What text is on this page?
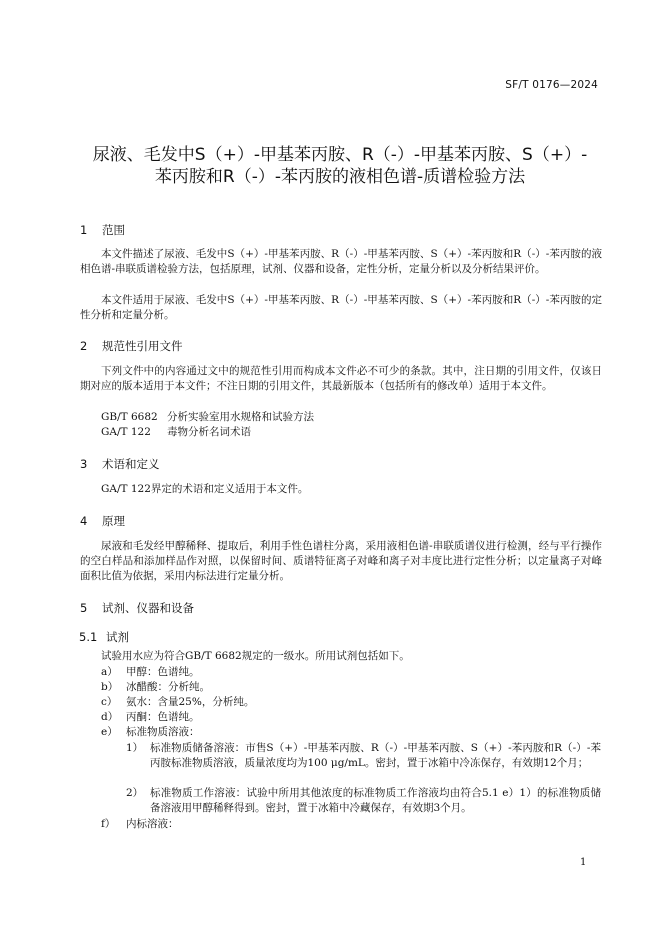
SF/T 0176—2024
尿液、毛发中S（+）-甲基苯丙胺、R（-）-甲基苯丙胺、S（+）-
苯丙胺和R（-）-苯丙胺的液相色谱-质谱检验方法
1 范围

本文件描述了尿液、毛发中S（+）-甲基苯丙胺、R（-）-甲基苯丙胺、S（+）-苯丙胺和R（-）-苯丙胺的液相色谱-串联质谱检验方法，包括原理，试剂、仪器和设备，定性分析，定量分析以及分析结果评价。

本文件适用于尿液、毛发中S（+）-甲基苯丙胺、R（-）-甲基苯丙胺、S（+）-苯丙胺和R（-）-苯丙胺的定性分析和定量分析。

2 规范性引用文件

下列文件中的内容通过文中的规范性引用而构成本文件必不可少的条款。其中，注日期的引用文件，仅该日期对应的版本适用于本文件；不注日期的引用文件，其最新版本（包括所有的修改单）适用于本文件。

GB/T 6682 分析实验室用水规格和试验方法
GA/T 122 毒物分析名词术语
3 术语和定义

GA/T 122界定的术语和定义适用于本文件。

4 原理

尿液和毛发经甲醇稀释、提取后，利用手性色谱柱分离，采用液相色谱-串联质谱仪进行检测，经与平行操作的空白样品和添加样品作对照，以保留时间、质谱特征离子对峰和离子对丰度比进行定性分析；以定量离子对峰面积比值为依据，采用内标法进行定量分析。

5 试剂、仪器和设备
5.1 试剂
试验用水应为符合GB/T 6682规定的一级水。所用试剂包括如下。
a） 甲醇：色谱纯。
b） 冰醋酸：分析纯。
c） 氨水：含量25%，分析纯。
d） 丙酮：色谱纯。
e） 标准物质溶液：
1） 标准物质储备溶液：市售S（+）-甲基苯丙胺、R（-）-甲基苯丙胺、S（+）-苯丙胺和R（-）-苯丙胺标准物质溶液，质量浓度均为100 μg/mL。密封，置于冰箱中冷冻保存，有效期12个月；
2） 标准物质工作溶液：试验中所用其他浓度的标准物质工作溶液均由符合5.1 e）1）的标准物质储备溶液用甲醇稀释得到。密封，置于冰箱中冷藏保存，有效期3个月。
f） 内标溶液：
1
